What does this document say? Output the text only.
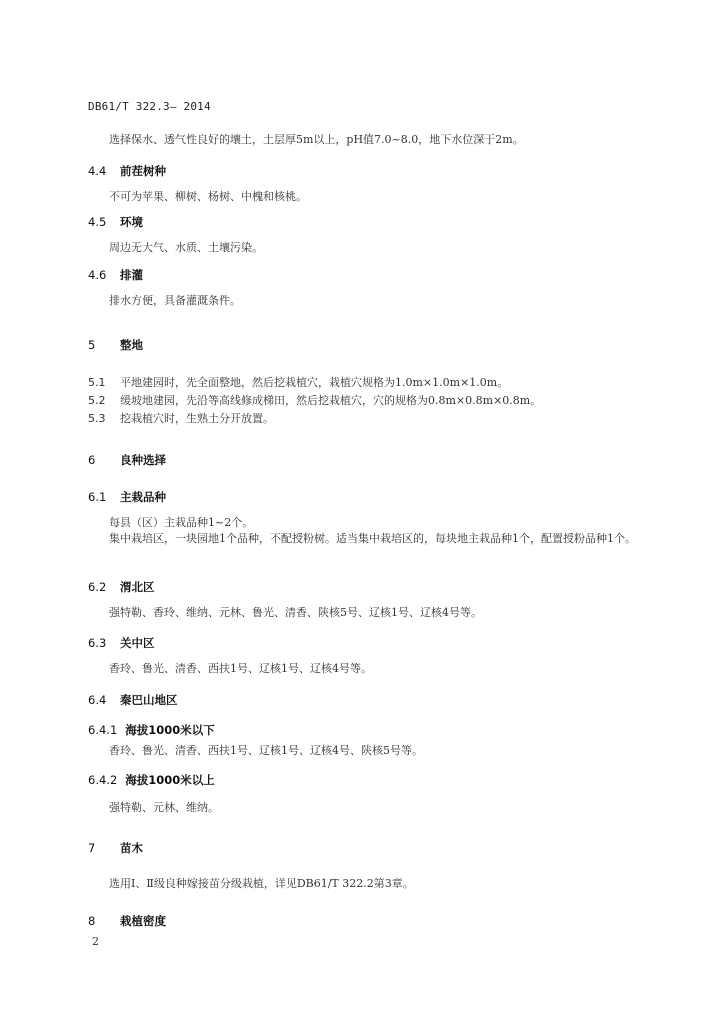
DB61/T 322.3— 2014
选择保水、透气性良好的壤土，土层厚5m以上，pH值7.0~8.0，地下水位深于2m。
4.4 前茬树种
不可为苹果、柳树、杨树、中槐和核桃。
4.5 环境
周边无大气、水质、土壤污染。
4.6 排灌
排水方便，具备灌溉条件。
5 整地
5.1 平地建园时，先全面整地，然后挖栽植穴，栽植穴规格为1.0m×1.0m×1.0m。
5.2 缓坡地建园，先沿等高线修成梯田，然后挖栽植穴，穴的规格为0.8m×0.8m×0.8m。
5.3 挖栽植穴时，生熟土分开放置。
6 良种选择
6.1 主栽品种
每县（区）主栽品种1~2个。
集中栽培区，一块园地1个品种，不配授粉树。适当集中栽培区的，每块地主栽品种1个，配置授粉品种1个。
6.2 渭北区
强特勒、香玲、维纳、元林、鲁光、清香、陕核5号、辽核1号、辽核4号等。
6.3 关中区
香玲、鲁光、清香、西扶1号、辽核1号、辽核4号等。
6.4 秦巴山地区
6.4.1 海拔1000米以下
香玲、鲁光、清香、西扶1号、辽核1号、辽核4号、陕核5号等。
6.4.2 海拔1000米以上
强特勒、元林、维纳。
7 苗木
选用Ⅰ、Ⅱ级良种嫁接苗分级栽植，详见DB61/T 322.2第3章。
8 栽植密度
2
